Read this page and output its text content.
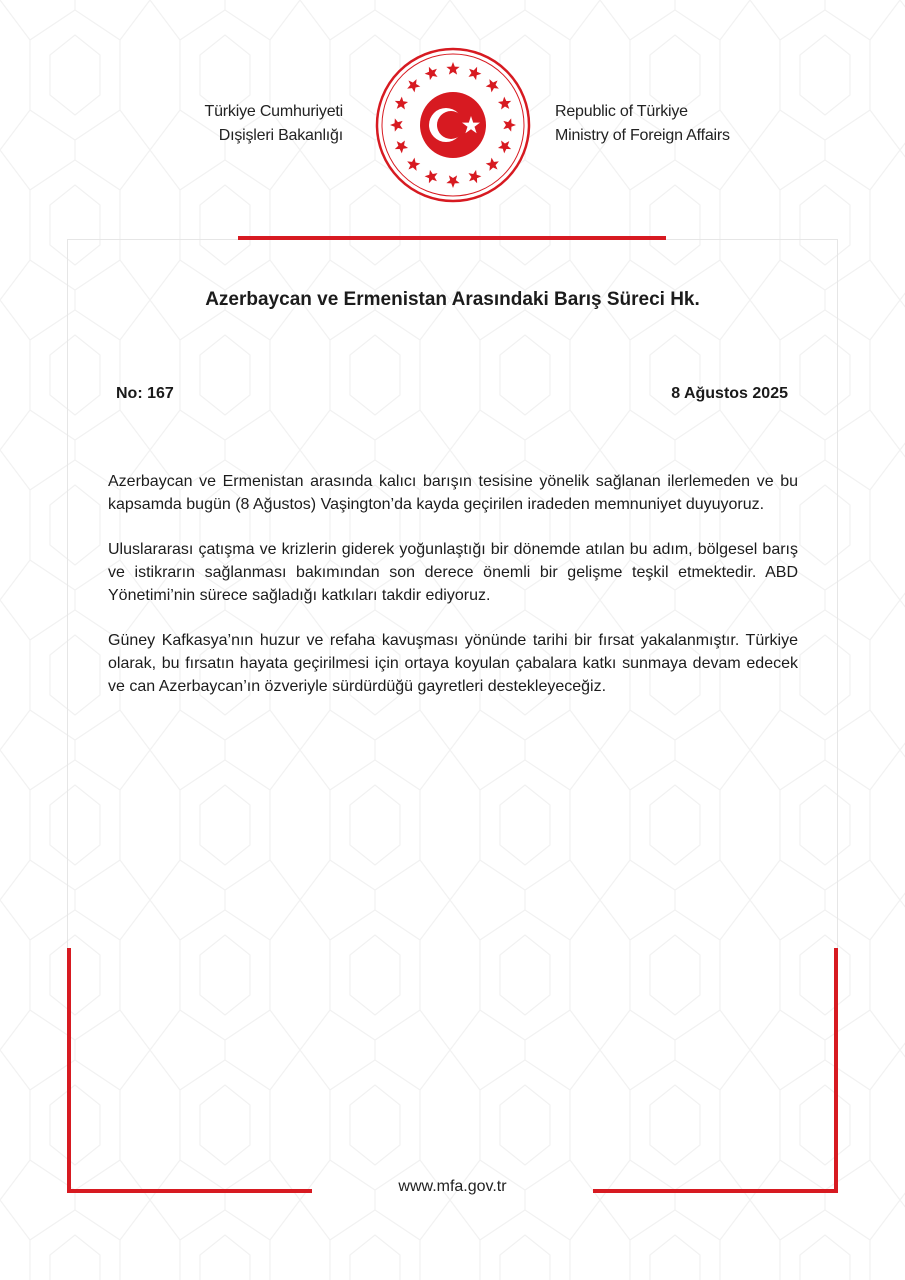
Türkiye Cumhuriyeti
Dışişleri Bakanlığı
Republic of Türkiye
Ministry of Foreign Affairs
Azerbaycan ve Ermenistan Arasındaki Barış Süreci Hk.
No: 167	8 Ağustos 2025

Azerbaycan ve Ermenistan arasında kalıcı barışın tesisine yönelik sağlanan ilerlemeden ve bu kapsamda bugün (8 Ağustos) Vaşington’da kayda geçirilen iradeden memnuniyet duyuyoruz.

Uluslararası çatışma ve krizlerin giderek yoğunlaştığı bir dönemde atılan bu adım, bölgesel barış ve istikrarın sağlanması bakımından son derece önemli bir gelişme teşkil etmektedir. ABD Yönetimi’nin sürece sağladığı katkıları takdir ediyoruz.

Güney Kafkasya’nın huzur ve refaha kavuşması yönünde tarihi bir fırsat yakalanmıştır. Türkiye olarak, bu fırsatın hayata geçirilmesi için ortaya koyulan çabalara katkı sunmaya devam edecek ve can Azerbaycan’ın özveriyle sürdürdüğü gayretleri destekleyeceğiz.

www.mfa.gov.tr
